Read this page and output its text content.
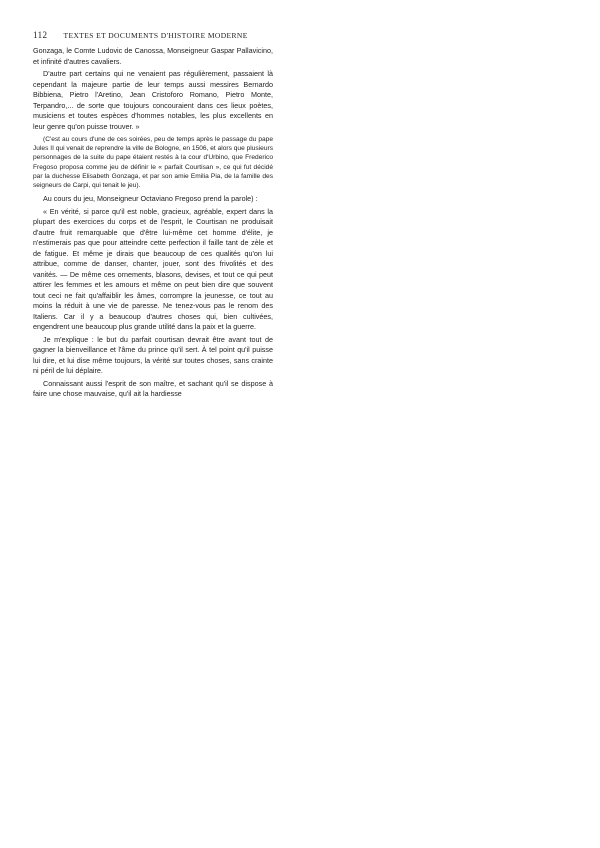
112 TEXTES ET DOCUMENTS D'HISTOIRE MODERNE

Gonzaga, le Comte Ludovic de Canossa, Monseigneur Gaspar Pallavicino, et infinité d'autres cavaliers.

D'autre part certains qui ne venaient pas régulièrement, passaient là cependant la majeure partie de leur temps aussi messires Bernardo Bibbiena, Pietro l'Aretino, Jean Cristoforo Romano, Pietro Monte, Terpandro,... de sorte que toujours concouraient dans ces lieux poètes, musiciens et toutes espèces d'hommes notables, les plus excellents en leur genre qu'on puisse trouver. »

(C'est au cours d'une de ces soirées, peu de temps après le passage du pape Jules II qui venait de reprendre la ville de Bologne, en 1506, et alors que plusieurs personnages de la suite du pape étaient restés à la cour d'Urbino, que Frederico Fregoso proposa comme jeu de définir le « parfait Courtisan », ce qui fut décidé par la duchesse Elisabeth Gonzaga, et par son amie Emilia Pia, de la famille des seigneurs de Carpi, qui tenait le jeu).

Au cours du jeu, Monseigneur Octaviano Fregoso prend la parole) :

« En vérité, si parce qu'il est noble, gracieux, agréable, expert dans la plupart des exercices du corps et de l'esprit, le Courtisan ne produisait d'autre fruit remarquable que d'être lui-même cet homme d'élite, je n'estimerais pas que pour atteindre cette perfection il faille tant de zèle et de fatigue. Et même je dirais que beaucoup de ces qualités qu'on lui attribue, comme de danser, chanter, jouer, sont des frivolités et des vanités. — De même ces ornements, blasons, devises, et tout ce qui peut attirer les femmes et les amours et même on peut bien dire que souvent tout ceci ne fait qu'affaiblir les âmes, corrompre la jeunesse, ce tout au moins la réduit à une vie de paresse. Ne tenez-vous pas le renom des Italiens. Car il y a beaucoup d'autres choses qui, bien cultivées, engendrent une beaucoup plus grande utilité dans la paix et la guerre.

Je m'explique : le but du parfait courtisan devrait être avant tout de gagner la bienveillance et l'âme du prince qu'il sert. À tel point qu'il puisse lui dire, et lui dise même toujours, la vérité sur toutes choses, sans crainte ni péril de lui déplaire.

Connaissant aussi l'esprit de son maître, et sachant qu'il se dispose à faire une chose mauvaise, qu'il ait la hardiesse
